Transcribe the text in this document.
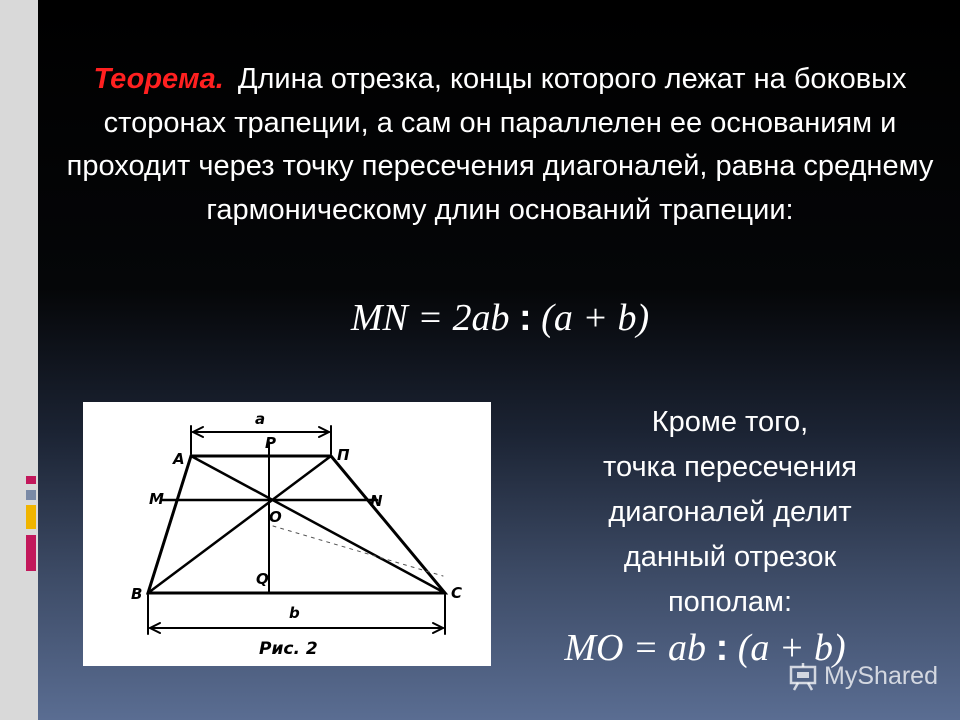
Теорема. Длина отрезка, концы которого лежат на боковых сторонах трапеции, а сам он параллелен ее основаниям и проходит через точку пересечения диагоналей, равна среднему гармоническому длин оснований трапеции:
MN = 2ab : (a + b)
a
P
Π
A
M	N
O
Q
B	C
b
Рис. 2
Кроме того,
точка пересечения
диагоналей делит
данный отрезок
пополам:
MO = ab : (a + b)
MyShared
